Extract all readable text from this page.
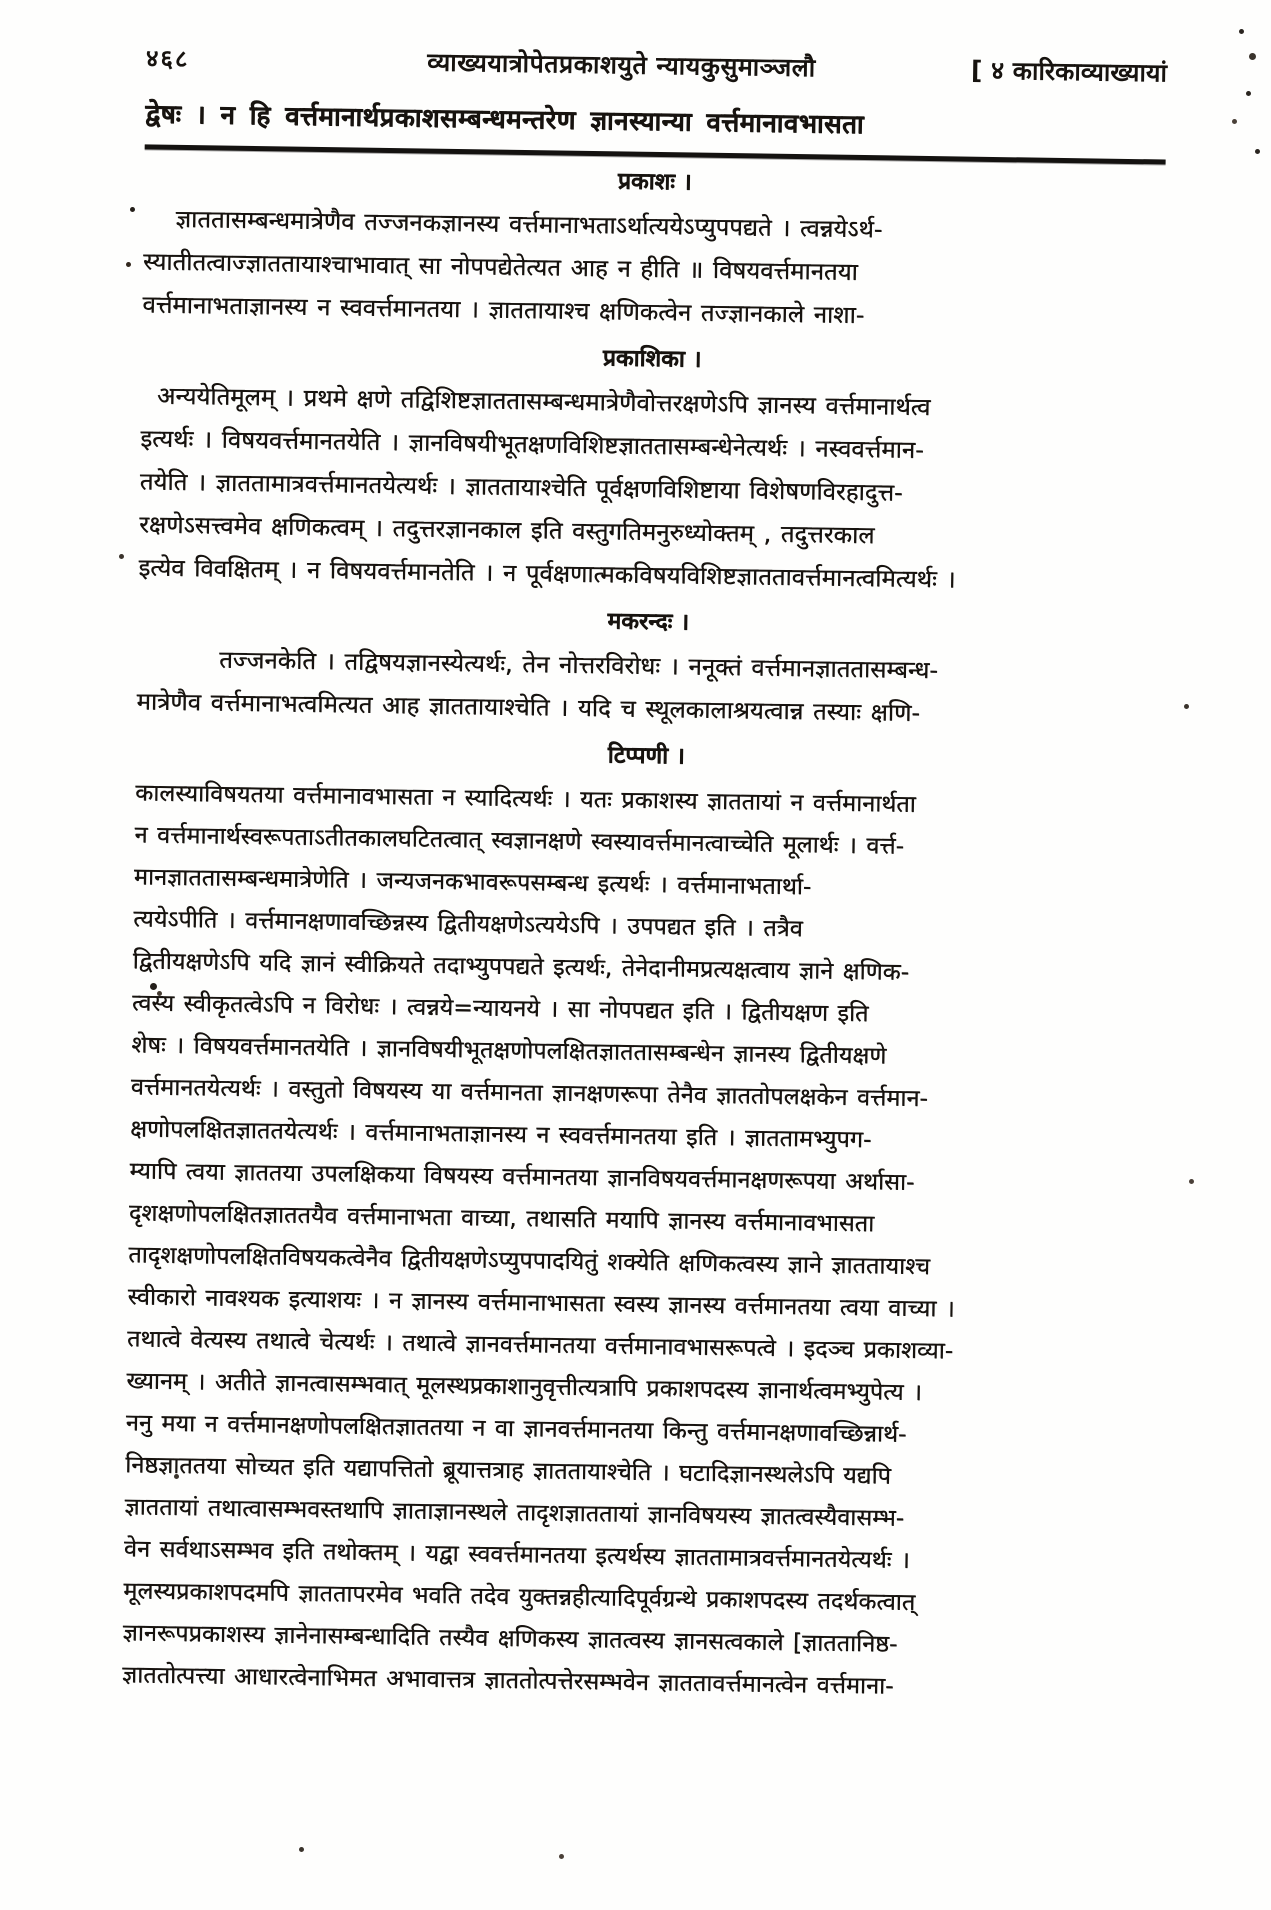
४६८	व्याख्ययात्रोपेतप्रकाशयुते न्यायकुसुमाञ्जलौ	[ ४ कारिकाव्याख्यायां
द्वेषः । न हि वर्त्तमानार्थप्रकाशसम्बन्धमन्तरेण ज्ञानस्यान्या वर्त्तमानावभासता
प्रकाशः ।
ज्ञाततासम्बन्धमात्रेणैव तज्जनकज्ञानस्य वर्त्तमानाभताऽर्थात्ययेऽप्युपपद्यते । त्वन्नयेऽर्थ-
स्यातीतत्वाज्ज्ञाततायाश्चाभावात् सा नोपपद्येतेत्यत आह न हीति ॥ विषयवर्त्तमानतया
वर्त्तमानाभताज्ञानस्य न स्ववर्त्तमानतया । ज्ञाततायाश्च क्षणिकत्वेन तज्ज्ञानकाले नाशा-
प्रकाशिका ।
अन्ययेतिमूलम् । प्रथमे क्षणे तद्विशिष्टज्ञाततासम्बन्धमात्रेणैवोत्तरक्षणेऽपि ज्ञानस्य वर्त्तमानार्थत्व
इत्यर्थः । विषयवर्त्तमानतयेति । ज्ञानविषयीभूतक्षणविशिष्टज्ञाततासम्बन्धेनेत्यर्थः । नस्ववर्त्तमान-
तयेति । ज्ञाततामात्रवर्त्तमानतयेत्यर्थः । ज्ञाततायाश्चेति पूर्वक्षणविशिष्टाया विशेषणविरहादुत्त-
रक्षणेऽसत्त्वमेव क्षणिकत्वम् । तदुत्तरज्ञानकाल इति वस्तुगतिमनुरुध्योक्तम् , तदुत्तरकाल
इत्येव विवक्षितम् । न विषयवर्त्तमानतेति । न पूर्वक्षणात्मकविषयविशिष्टज्ञाततावर्त्तमानत्वमित्यर्थः ।
मकरन्दः ।
तज्जनकेति । तद्विषयज्ञानस्येत्यर्थः, तेन नोत्तरविरोधः । ननूक्तं वर्त्तमानज्ञाततासम्बन्ध-
मात्रेणैव वर्त्तमानाभत्वमित्यत आह ज्ञाततायाश्चेति । यदि च स्थूलकालाश्रयत्वान्न तस्याः क्षणि-
टिप्पणी ।
कालस्याविषयतया वर्त्तमानावभासता न स्यादित्यर्थः । यतः प्रकाशस्य ज्ञाततायां न वर्त्तमानार्थता
न वर्त्तमानार्थस्वरूपताऽतीतकालघटितत्वात् स्वज्ञानक्षणे स्वस्यावर्त्तमानत्वाच्चेति मूलार्थः । वर्त्त-
मानज्ञाततासम्बन्धमात्रेणेति । जन्यजनकभावरूपसम्बन्ध इत्यर्थः । वर्त्तमानाभतार्था-
त्ययेऽपीति । वर्त्तमानक्षणावच्छिन्नस्य द्वितीयक्षणेऽत्ययेऽपि । उपपद्यत इति । तत्रैव
द्वितीयक्षणेऽपि यदि ज्ञानं स्वीक्रियते तदाभ्युपपद्यते इत्यर्थः, तेनेदानीमप्रत्यक्षत्वाय ज्ञाने क्षणिक-
त्वस्य स्वीकृतत्वेऽपि न विरोधः । त्वन्नये=न्यायनये । सा नोपपद्यत इति । द्वितीयक्षण इति
शेषः । विषयवर्त्तमानतयेति । ज्ञानविषयीभूतक्षणोपलक्षितज्ञाततासम्बन्धेन ज्ञानस्य द्वितीयक्षणे
वर्त्तमानतयेत्यर्थः । वस्तुतो विषयस्य या वर्त्तमानता ज्ञानक्षणरूपा तेनैव ज्ञाततोपलक्षकेन वर्त्तमान-
क्षणोपलक्षितज्ञाततयेत्यर्थः । वर्त्तमानाभताज्ञानस्य न स्ववर्त्तमानतया इति । ज्ञाततामभ्युपग-
म्यापि त्वया ज्ञाततया उपलक्षिकया विषयस्य वर्त्तमानतया ज्ञानविषयवर्त्तमानक्षणरूपया अर्थासा-
दृशक्षणोपलक्षितज्ञाततयैव वर्त्तमानाभता वाच्या, तथासति मयापि ज्ञानस्य वर्त्तमानावभासता
तादृशक्षणोपलक्षितविषयकत्वेनैव द्वितीयक्षणेऽप्युपपादयितुं शक्येति क्षणिकत्वस्य ज्ञाने ज्ञाततायाश्च
स्वीकारो नावश्यक इत्याशयः । न ज्ञानस्य वर्त्तमानाभासता स्वस्य ज्ञानस्य वर्त्तमानतया त्वया वाच्या ।
तथात्वे वेत्यस्य तथात्वे चेत्यर्थः । तथात्वे ज्ञानवर्त्तमानतया वर्त्तमानावभासरूपत्वे । इदञ्च प्रकाशव्या-
ख्यानम् । अतीते ज्ञानत्वासम्भवात् मूलस्थप्रकाशानुवृत्तीत्यत्रापि प्रकाशपदस्य ज्ञानार्थत्वमभ्युपेत्य ।
ननु मया न वर्त्तमानक्षणोपलक्षितज्ञाततया न वा ज्ञानवर्त्तमानतया किन्तु वर्त्तमानक्षणावच्छिन्नार्थ-
निष्ठज्ञाततया सोच्यत इति यद्यापत्तितो ब्रूयात्तत्राह ज्ञाततायाश्चेति । घटादिज्ञानस्थलेऽपि यद्यपि
ज्ञाततायां तथात्वासम्भवस्तथापि ज्ञाताज्ञानस्थले तादृशज्ञाततायां ज्ञानविषयस्य ज्ञातत्वस्यैवासम्भ-
वेन सर्वथाऽसम्भव इति तथोक्तम् । यद्वा स्ववर्त्तमानतया इत्यर्थस्य ज्ञाततामात्रवर्त्तमानतयेत्यर्थः ।
मूलस्यप्रकाशपदमपि ज्ञाततापरमेव भवति तदेव युक्तन्नहीत्यादिपूर्वग्रन्थे प्रकाशपदस्य तदर्थकत्वात्
ज्ञानरूपप्रकाशस्य ज्ञानेनासम्बन्धादिति तस्यैव क्षणिकस्य ज्ञातत्वस्य ज्ञानसत्वकाले [ज्ञाततानिष्ठ-
ज्ञाततोत्पत्त्या आधारत्वेनाभिमत अभावात्तत्र ज्ञाततोत्पत्तेरसम्भवेन ज्ञाततावर्त्तमानत्वेन वर्त्तमाना-
